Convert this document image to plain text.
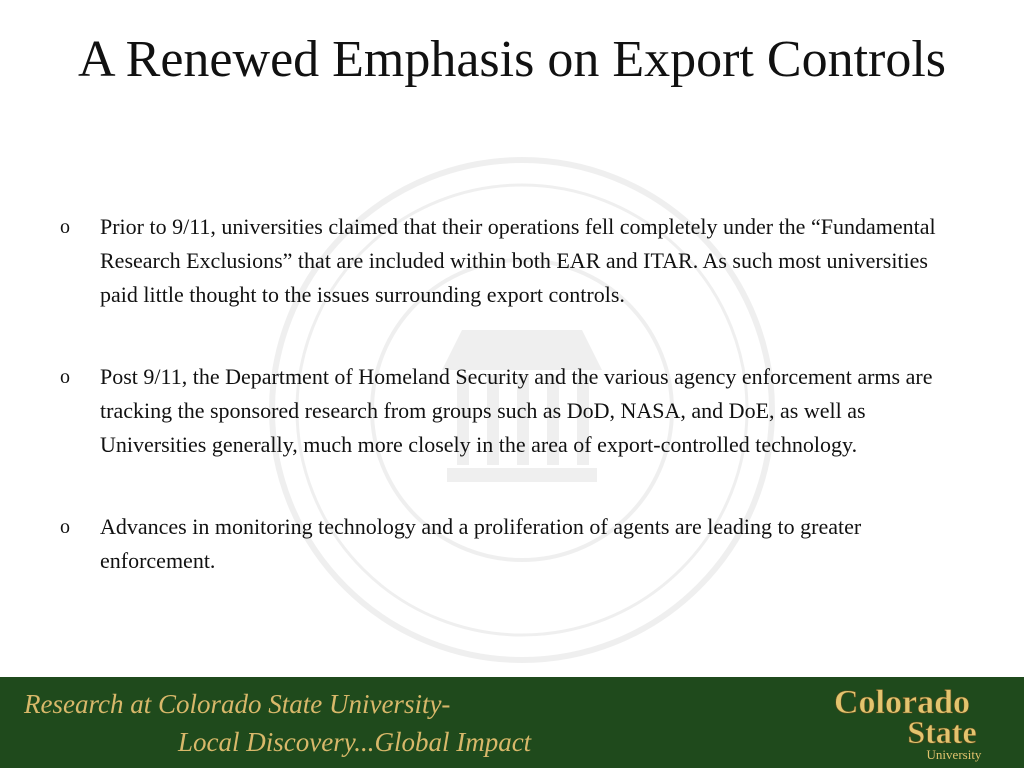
A Renewed Emphasis on Export Controls
o Prior to 9/11, universities claimed that their operations fell completely under the “Fundamental Research Exclusions” that are included within both EAR and ITAR. As such most universities paid little thought to the issues surrounding export controls.
o Post 9/11, the Department of Homeland Security and the various agency enforcement arms are tracking the sponsored research from groups such as DoD, NASA, and DoE, as well as Universities generally, much more closely in the area of export-controlled technology.
o Advances in monitoring technology and a proliferation of agents are leading to greater enforcement.
Research at Colorado State University-
Local Discovery...Global Impact
Colorado
State
University
